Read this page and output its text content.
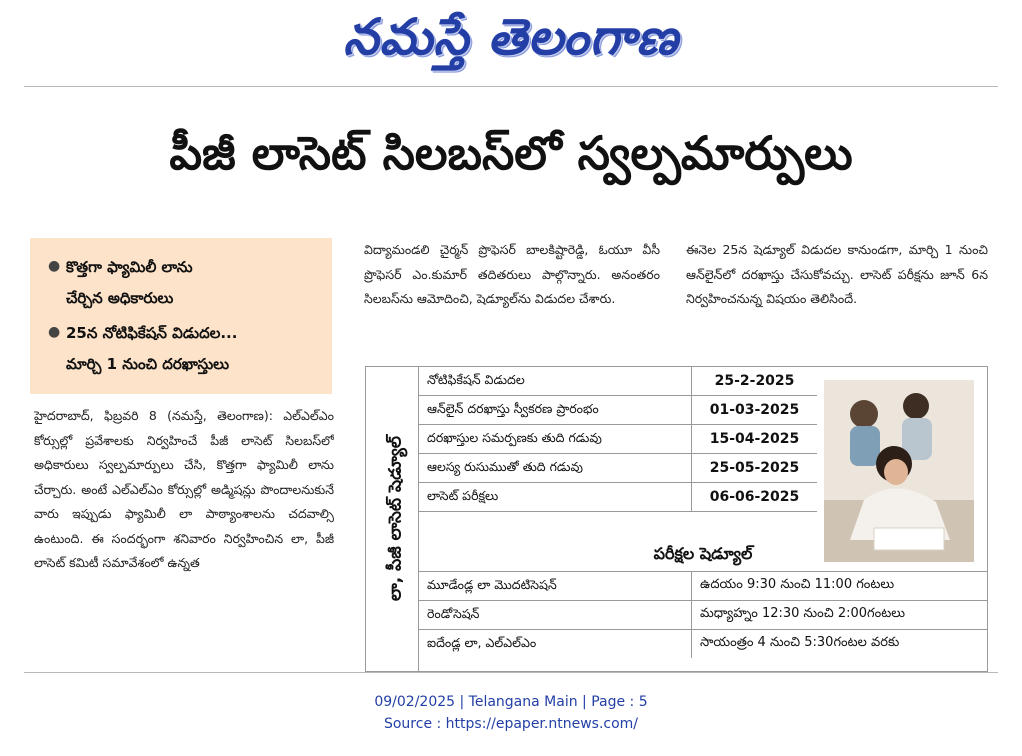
నమస్తే తెలంగాణ
పీజీ లాసెట్‌ సిలబస్‌లో స్వల్పమార్పులు
● కొత్తగా ఫ్యామిలీ లాను
చేర్చిన అధికారులు
● 25న నోటిఫికేషన్‌ విడుదల...
మార్చి 1 నుంచి దరఖాస్తులు
హైదరాబాద్‌, ఫిబ్రవరి 8 (నమస్తే, తెలంగాణ): ఎల్‌ఎల్‌ఎం కోర్సుల్లో ప్రవేశాలకు నిర్వహించే పీజీ లాసెట్‌ సిలబస్‌లో అధికారులు స్వల్పమార్పులు చేసి, కొత్తగా ఫ్యామిలీ లాను చేర్చారు. అంటే ఎల్‌ఎల్‌ఎం కోర్సుల్లో అడ్మిషన్లు పొందాలనుకునే వారు ఇప్పుడు ఫ్యామిలీ లా పాఠ్యాంశాలను చదవాల్సి ఉంటుంది. ఈ సందర్భంగా శనివారం నిర్వహించిన లా, పీజీ లాసెట్‌ కమిటీ సమావేశంలో ఉన్నత
విద్యామండలి చైర్మన్‌ ప్రొఫెసర్‌ బాలకిష్టారెడ్డి, ఓయూ వీసీ ప్రొఫెసర్‌ ఎం.కుమార్‌ తదితరులు పాల్గొన్నారు. అనంతరం సిలబస్‌ను ఆమోదించి, షెడ్యూల్‌ను విడుదల చేశారు.
ఈనెల 25న షెడ్యూల్‌ విడుదల కానుండగా, మార్చి 1 నుంచి ఆన్‌లైన్‌లో దరఖాస్తు చేసుకోవచ్చు. లాసెట్‌ పరీక్షను జూన్‌ 6న నిర్వహించనున్న విషయం తెలిసిందే.
లా, పీజీ లాసెట్‌ షెడ్యూల్‌
నోటిఫికేషన్‌ విడుదల	25-2-2025
ఆన్‌లైన్‌ దరఖాస్తు స్వీకరణ ప్రారంభం	01-03-2025
దరఖాస్తుల సమర్పణకు తుది గడువు	15-04-2025
ఆలస్య రుసుముతో తుది గడువు	25-05-2025
లాసెట్‌ పరీక్షలు	06-06-2025
పరీక్షల షెడ్యూల్‌
మూడేండ్ల లా మొదటిసెషన్‌	ఉదయం 9:30 నుంచి 11:00 గంటలు
రెండోసెషన్‌	మధ్యాహ్నం 12:30 నుంచి 2:00గంటలు
ఐదేండ్ల లా, ఎల్‌ఎల్‌ఎం	సాయంత్రం 4 నుంచి 5:30గంటల వరకు
09/02/2025 | Telangana Main | Page : 5
Source : https://epaper.ntnews.com/
